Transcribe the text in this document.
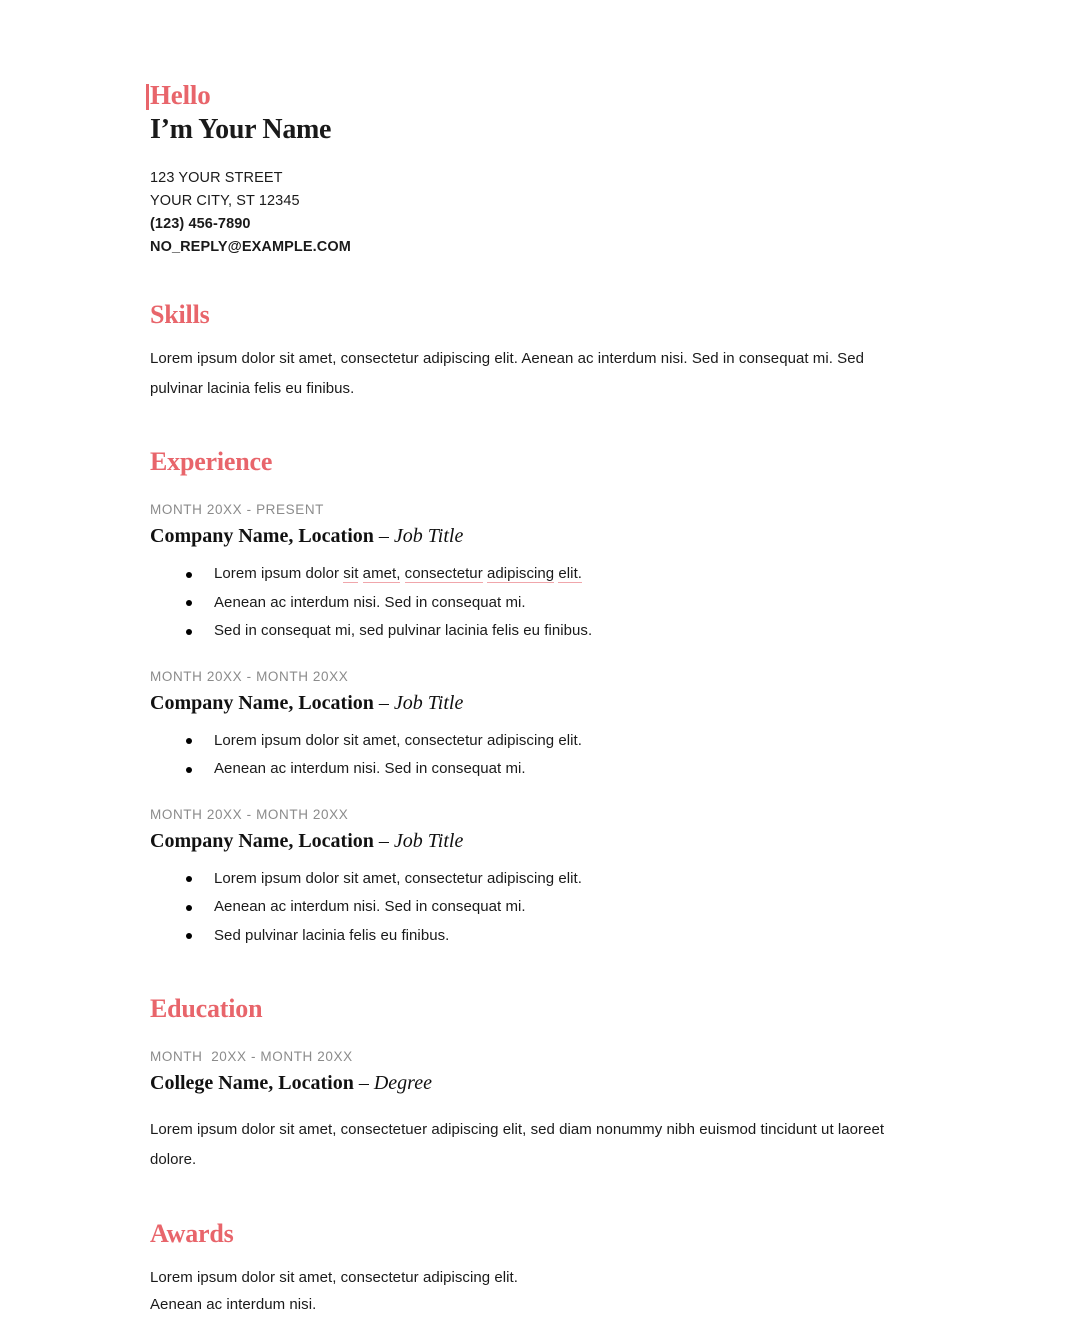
Hello
I’m Your Name
123 YOUR STREET
YOUR CITY, ST 12345
(123) 456-7890
NO_REPLY@EXAMPLE.COM
Skills
Lorem ipsum dolor sit amet, consectetur adipiscing elit. Aenean ac interdum nisi. Sed in consequat mi. Sed pulvinar lacinia felis eu finibus.
Experience
MONTH 20XX - PRESENT
Company Name, Location – Job Title
Lorem ipsum dolor sit amet, consectetur adipiscing elit.
Aenean ac interdum nisi. Sed in consequat mi.
Sed in consequat mi, sed pulvinar lacinia felis eu finibus.
MONTH 20XX - MONTH 20XX
Company Name, Location – Job Title
Lorem ipsum dolor sit amet, consectetur adipiscing elit.
Aenean ac interdum nisi. Sed in consequat mi.
MONTH 20XX - MONTH 20XX
Company Name, Location – Job Title
Lorem ipsum dolor sit amet, consectetur adipiscing elit.
Aenean ac interdum nisi. Sed in consequat mi.
Sed pulvinar lacinia felis eu finibus.
Education
MONTH  20XX - MONTH 20XX
College Name, Location – Degree
Lorem ipsum dolor sit amet, consectetuer adipiscing elit, sed diam nonummy nibh euismod tincidunt ut laoreet dolore.
Awards
Lorem ipsum dolor sit amet, consectetur adipiscing elit.
Aenean ac interdum nisi.
